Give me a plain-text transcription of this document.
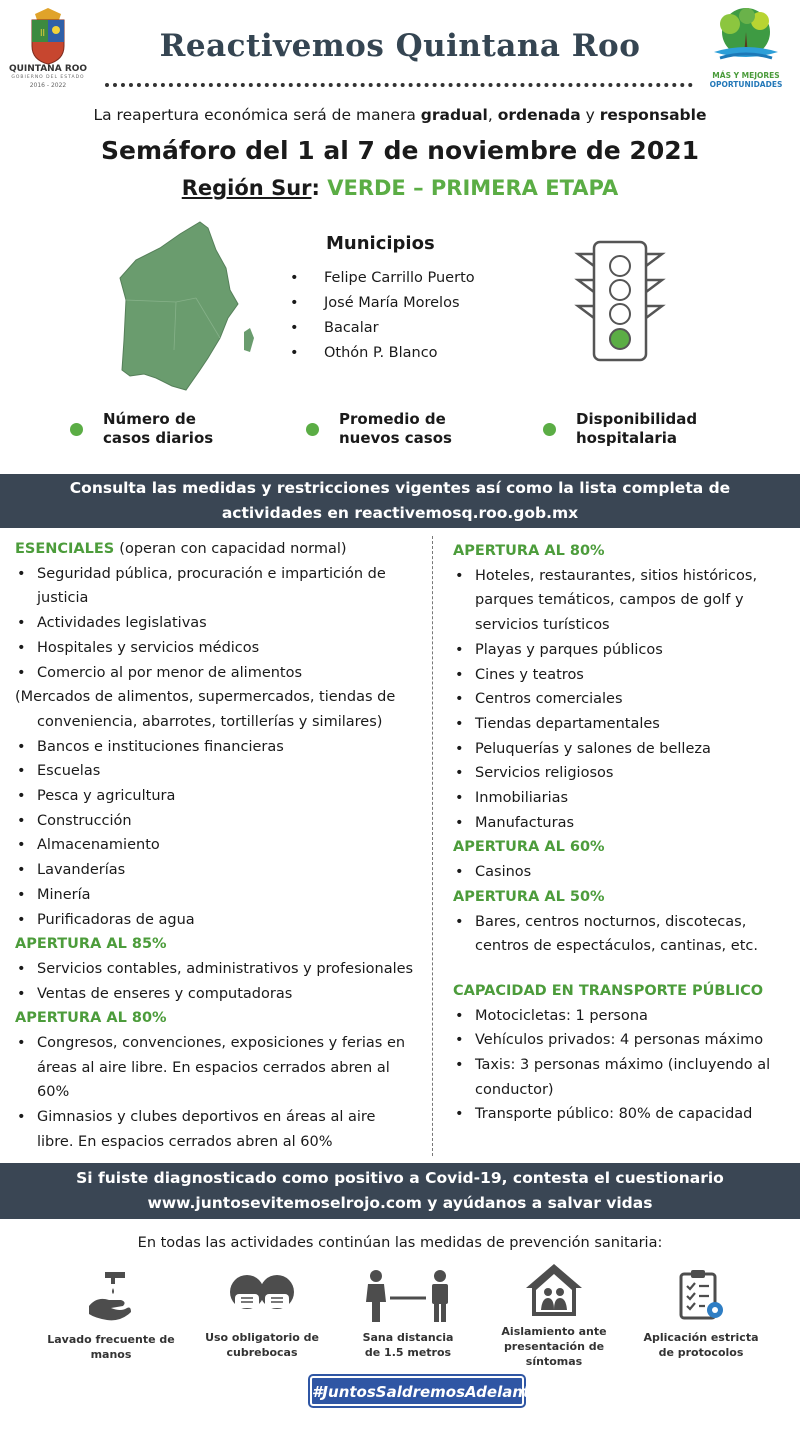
ll
QUINTANA ROO
GOBIERNO DEL ESTADO
2016 - 2022
Reactivemos Quintana Roo
MÁS Y MEJORES
OPORTUNIDADES
La reapertura económica será de manera gradual, ordenada y responsable
Semáforo del 1 al 7 de noviembre de 2021
Región Sur: VERDE – PRIMERA ETAPA
Municipios
•	Felipe Carrillo Puerto
•	José María Morelos
•	Bacalar
•	Othón P. Blanco
Número de
casos diarios
Promedio de
nuevos casos
Disponibilidad
hospitalaria
Consulta las medidas y restricciones vigentes así como la lista completa de
actividades en reactivemosq.roo.gob.mx
ESENCIALES (operan con capacidad normal)
• Seguridad pública, procuración e impartición de
justicia
• Actividades legislativas
• Hospitales y servicios médicos
• Comercio al por menor de alimentos
(Mercados de alimentos, supermercados, tiendas de
conveniencia, abarrotes, tortillerías y similares)
• Bancos e instituciones financieras
• Escuelas
• Pesca y agricultura
• Construcción
• Almacenamiento
• Lavanderías
• Minería
• Purificadoras de agua
APERTURA AL 85%
• Servicios contables, administrativos y profesionales
• Ventas de enseres y computadoras
APERTURA AL 80%
• Congresos, convenciones, exposiciones y ferias en
áreas al aire libre. En espacios cerrados abren al
60%
• Gimnasios y clubes deportivos en áreas al aire
libre. En espacios cerrados abren al 60%
APERTURA AL 80%
• Hoteles, restaurantes, sitios históricos,
parques temáticos, campos de golf y
servicios turísticos
• Playas y parques públicos
• Cines y teatros
• Centros comerciales
• Tiendas departamentales
• Peluquerías y salones de belleza
• Servicios religiosos
• Inmobiliarias
• Manufacturas
APERTURA AL 60%
• Casinos
APERTURA AL 50%
• Bares, centros nocturnos, discotecas,
centros de espectáculos, cantinas, etc.
CAPACIDAD EN TRANSPORTE PÚBLICO
• Motocicletas: 1 persona
• Vehículos privados: 4 personas máximo
• Taxis: 3 personas máximo (incluyendo al
conductor)
• Transporte público: 80% de capacidad
Si fuiste diagnosticado como positivo a Covid-19, contesta el cuestionario
www.juntosevitemoselrojo.com y ayúdanos a salvar vidas
En todas las actividades continúan las medidas de prevención sanitaria:
Lavado frecuente de
manos
Uso obligatorio de
cubrebocas
Sana distancia
de 1.5 metros
Aislamiento ante
presentación de
síntomas
Aplicación estricta
de protocolos
#JuntosSaldremosAdelante
